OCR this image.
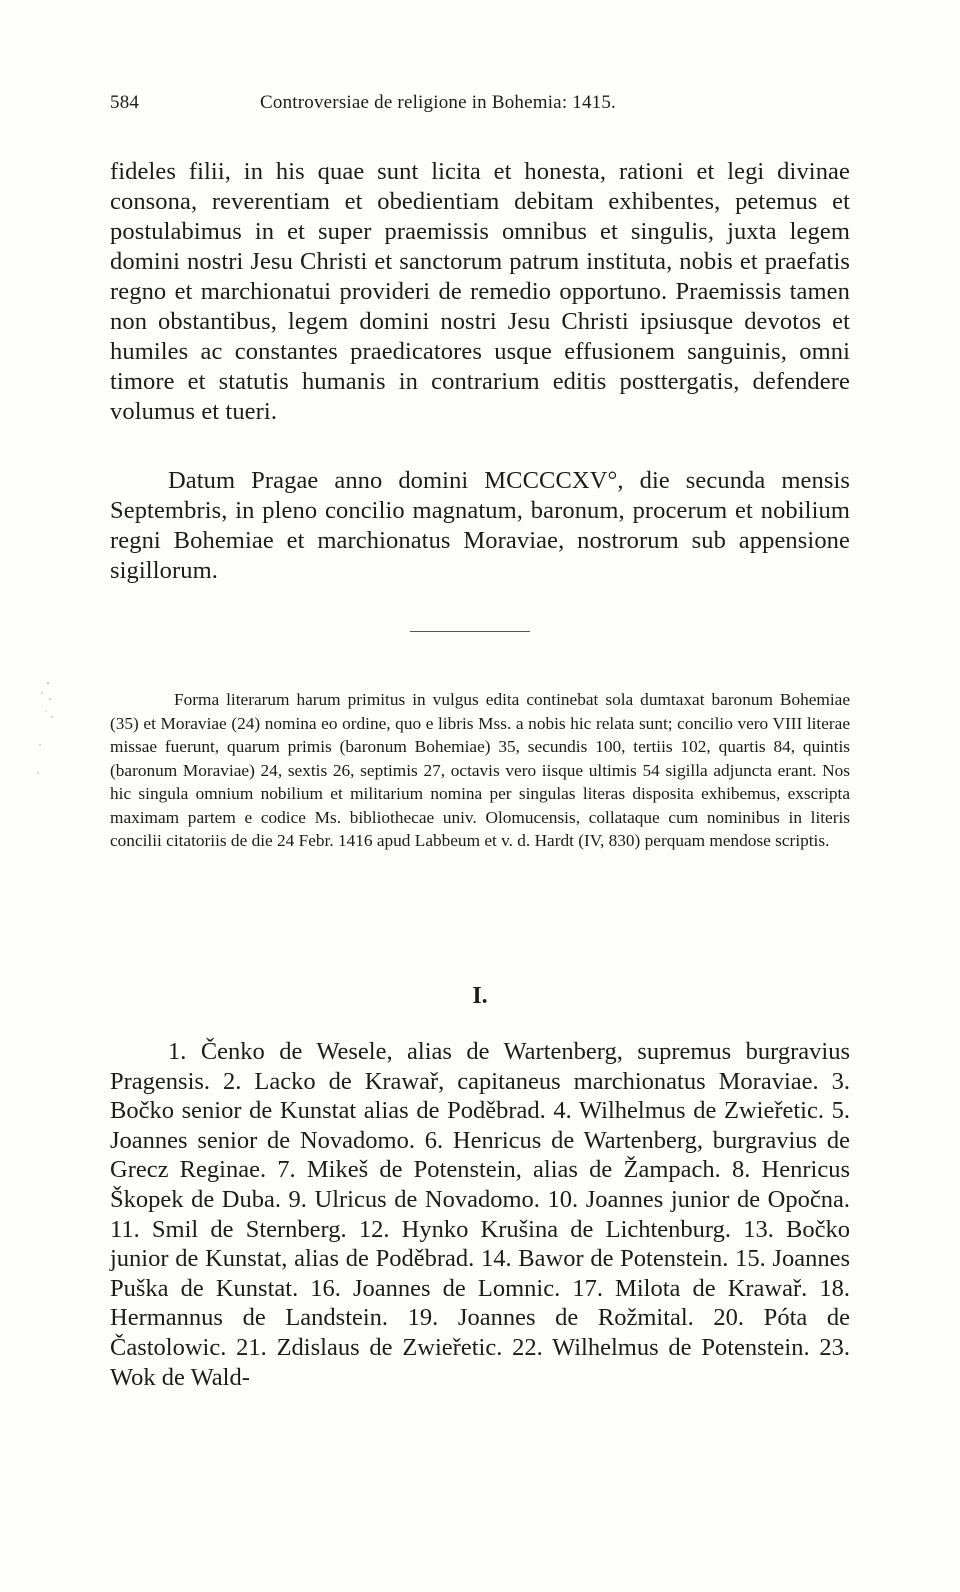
584	Controversiae de religione in Bohemia: 1415.

fideles filii, in his quae sunt licita et honesta, rationi et legi divinae consona, reverentiam et obedientiam debitam exhibentes, petemus et postulabimus in et super praemissis omnibus et singulis, juxta legem domini nostri Jesu Christi et sanctorum patrum instituta, nobis et praefatis regno et marchionatui provideri de remedio opportuno. Praemissis tamen non obstantibus, legem domini nostri Jesu Christi ipsiusque devotos et humiles ac constantes praedicatores usque effusionem sanguinis, omni timore et statutis humanis in contrarium editis posttergatis, defendere volumus et tueri.

Datum Pragae anno domini MCCCCXV°, die secunda mensis Septembris, in pleno concilio magnatum, baronum, procerum et nobilium regni Bohemiae et marchionatus Moraviae, nostrorum sub appensione sigillorum.

Forma literarum harum primitus in vulgus edita continebat sola dumtaxat baronum Bohemiae (35) et Moraviae (24) nomina eo ordine, quo e libris Mss. a nobis hic relata sunt; concilio vero VIII literae missae fuerunt, quarum primis (baronum Bohemiae) 35, secundis 100, tertiis 102, quartis 84, quintis (baronum Moraviae) 24, sextis 26, septimis 27, octavis vero iisque ultimis 54 sigilla adjuncta erant. Nos hic singula omnium nobilium et militarium nomina per singulas literas disposita exhibemus, exscripta maximam partem e codice Ms. bibliothecae univ. Olomucensis, collataque cum nominibus in literis concilii citatoriis de die 24 Febr. 1416 apud Labbeum et v. d. Hardt (IV, 830) perquam mendose scriptis.

I.

1. Čenko de Wesele, alias de Wartenberg, supremus burgravius Pragensis. 2. Lacko de Krawař, capitaneus marchionatus Moraviae. 3. Bočko senior de Kunstat alias de Poděbrad. 4. Wilhelmus de Zwieřetic. 5. Joannes senior de Novadomo. 6. Henricus de Wartenberg, burgravius de Grecz Reginae. 7. Mikeš de Potenstein, alias de Žampach. 8. Henricus Škopek de Duba. 9. Ulricus de Novadomo. 10. Joannes junior de Opočna. 11. Smil de Sternberg. 12. Hynko Krušina de Lichtenburg. 13. Bočko junior de Kunstat, alias de Poděbrad. 14. Bawor de Potenstein. 15. Joannes Puška de Kunstat. 16. Joannes de Lomnic. 17. Milota de Krawař. 18. Hermannus de Landstein. 19. Joannes de Rožmital. 20. Póta de Častolowic. 21. Zdislaus de Zwieřetic. 22. Wilhelmus de Potenstein. 23. Wok de Wald-
